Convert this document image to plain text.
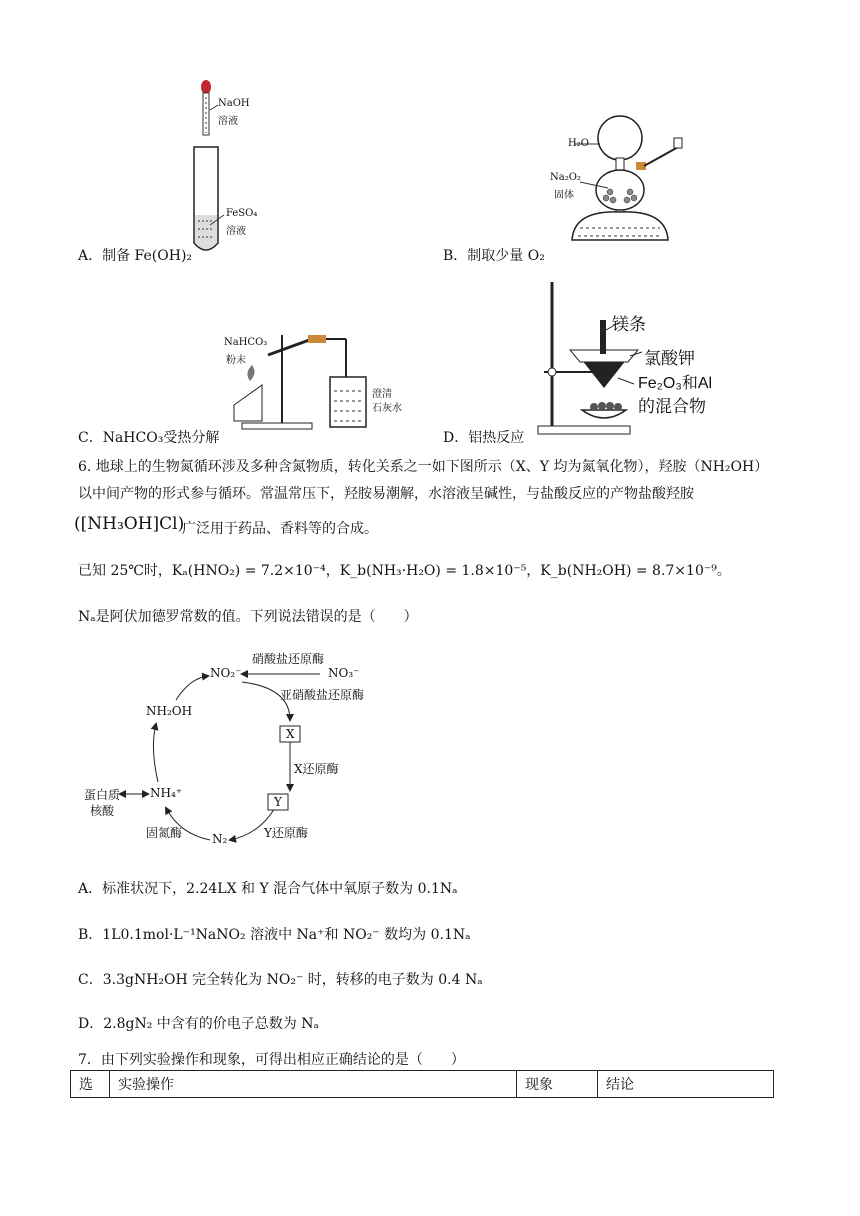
NaOH
溶液
FeSO₄
溶液
A．制备 Fe(OH)₂
H₂O
Na₂O₂
固体
B．制取少量 O₂
NaHCO₃
粉末
澄清
石灰水
C．NaHCO₃受热分解
镁条
氯酸钾
Fe₂O₃和Al
的混合物
D．铝热反应
6. 地球上的生物氮循环涉及多种含氮物质，转化关系之一如下图所示（X、Y 均为氮氧化物），羟胺（NH₂OH）
以中间产物的形式参与循环。常温常压下，羟胺易潮解，水溶液呈碱性，与盐酸反应的产物盐酸羟胺
([NH₃OH]Cl)
广泛用于药品、香料等的合成。
已知 25℃时，Kₐ(HNO₂) = 7.2×10⁻⁴，K_b(NH₃·H₂O) = 1.8×10⁻⁵，K_b(NH₂OH) = 8.7×10⁻⁹。
Nₐ是阿伏加德罗常数的值。下列说法错误的是（　　）
NO₂⁻	NO₃⁻
硝酸盐还原酶
亚硝酸盐还原酶
X
X还原酶
Y
Y还原酶
N₂
固氮酶
NH₄⁺
NH₂OH
蛋白质
核酸
A．标准状况下，2.24LX 和 Y 混合气体中氧原子数为 0.1Nₐ
B．1L0.1mol·L⁻¹NaNO₂ 溶液中 Na⁺和 NO₂⁻ 数均为 0.1Nₐ
C．3.3gNH₂OH 完全转化为 NO₂⁻ 时，转移的电子数为 0.4 Nₐ
D．2.8gN₂ 中含有的价电子总数为 Nₐ
7．由下列实验操作和现象，可得出相应正确结论的是（　　）
选	实验操作	现象	结论
